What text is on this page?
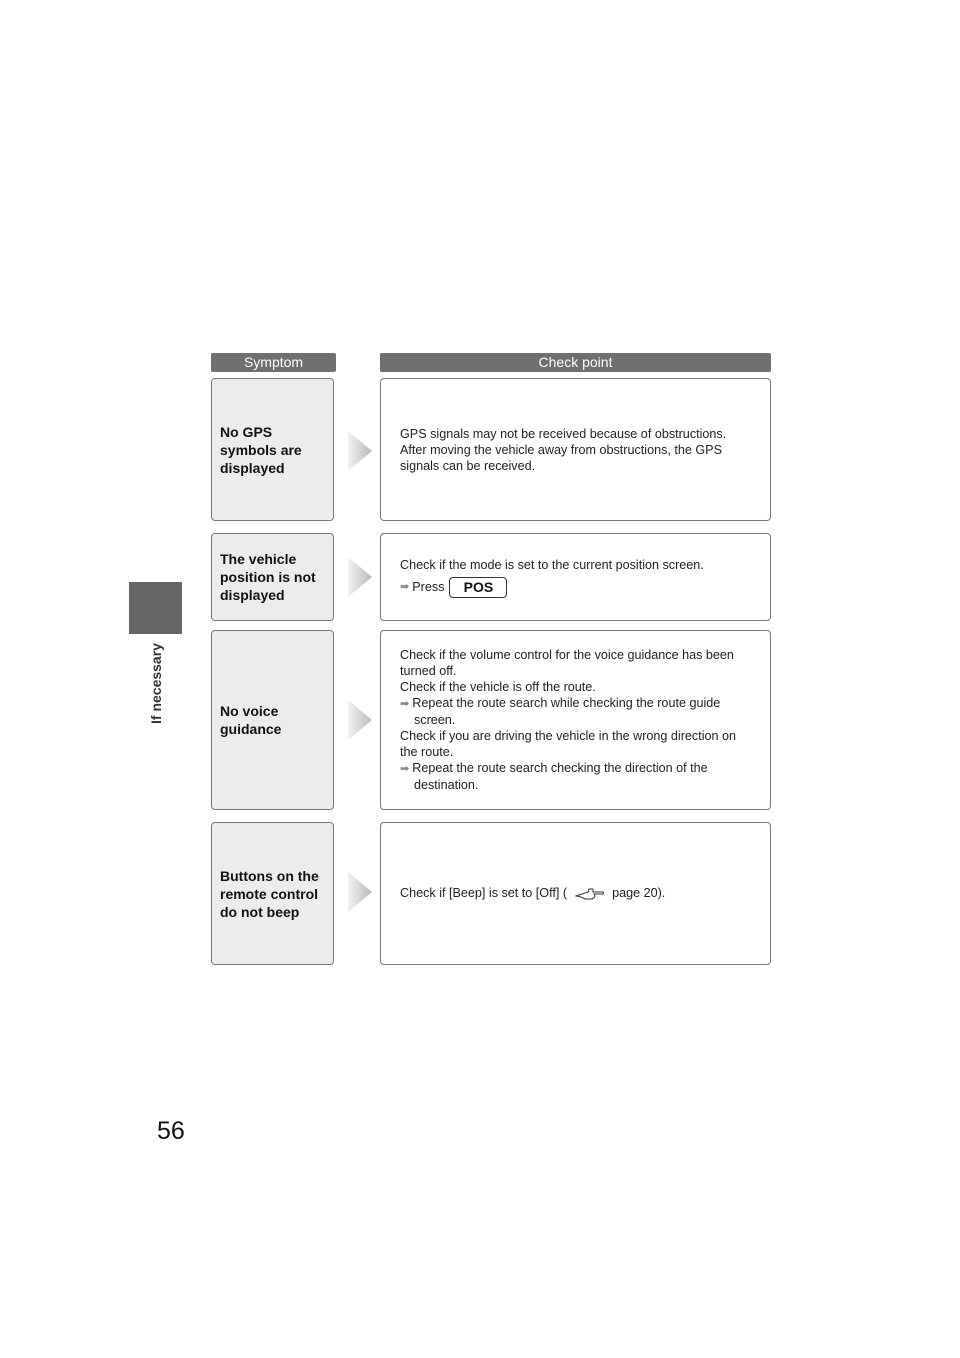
If necessary
Symptom	Check point
No GPS symbols are displayed
GPS signals may not be received because of obstructions.
After moving the vehicle away from obstructions, the GPS
signals can be received.
The vehicle position is not displayed
Check if the mode is set to the current position screen.
➡ Press POS
No voice guidance
Check if the volume control for the voice guidance has been
turned off.
Check if the vehicle is off the route.
➡ Repeat the route search while checking the route guide
screen.
Check if you are driving the vehicle in the wrong direction on
the route.
➡ Repeat the route search checking the direction of the
destination.
Buttons on the remote control do not beep
Check if [Beep] is set to [Off] (	page 20).
56
